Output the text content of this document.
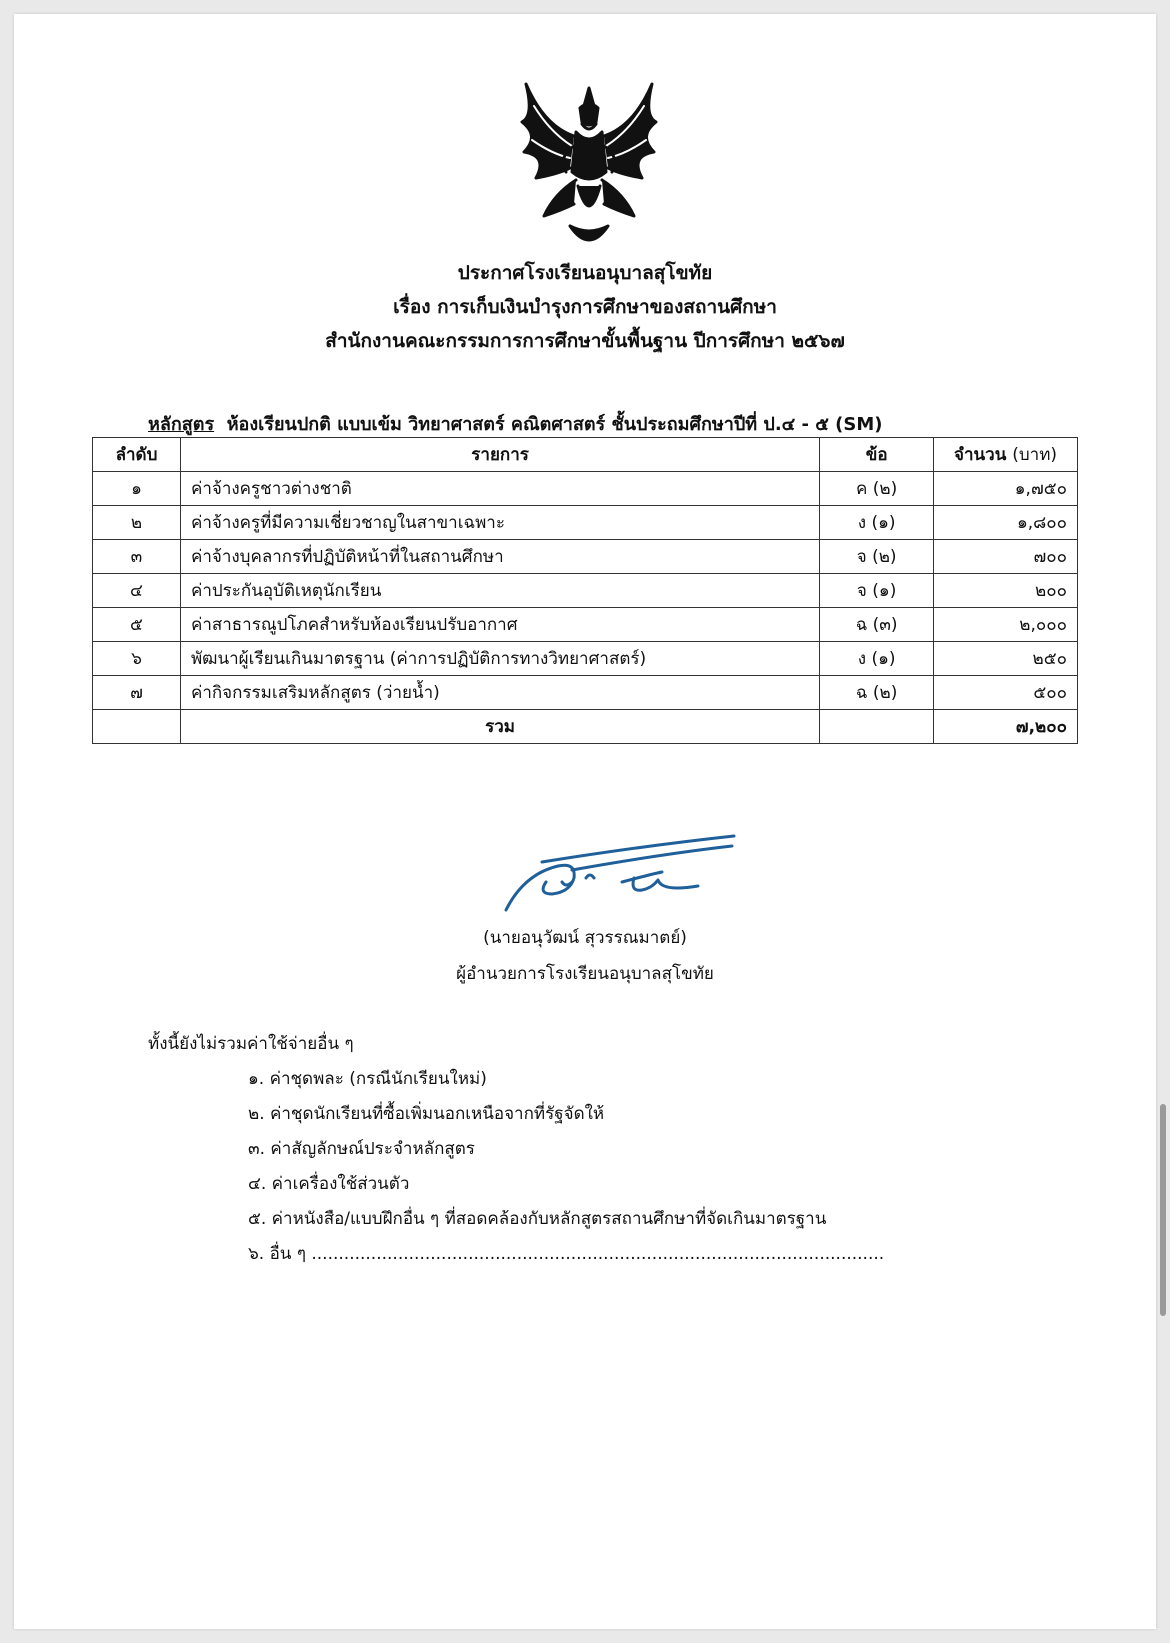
ประกาศโรงเรียนอนุบาลสุโขทัย
เรื่อง การเก็บเงินบำรุงการศึกษาของสถานศึกษา
สำนักงานคณะกรรมการการศึกษาขั้นพื้นฐาน ปีการศึกษา ๒๕๖๗
หลักสูตร ห้องเรียนปกติ แบบเข้ม วิทยาศาสตร์ คณิตศาสตร์ ชั้นประถมศึกษาปีที่ ป.๔ - ๕ (SM)
ลำดับ	รายการ	ข้อ	จำนวน (บาท)
๑	ค่าจ้างครูชาวต่างชาติ	ค (๒)	๑,๗๕๐
๒	ค่าจ้างครูที่มีความเชี่ยวชาญในสาขาเฉพาะ	ง (๑)	๑,๘๐๐
๓	ค่าจ้างบุคลากรที่ปฏิบัติหน้าที่ในสถานศึกษา	จ (๒)	๗๐๐
๔	ค่าประกันอุบัติเหตุนักเรียน	จ (๑)	๒๐๐
๕	ค่าสาธารณูปโภคสำหรับห้องเรียนปรับอากาศ	ฉ (๓)	๒,๐๐๐
๖	พัฒนาผู้เรียนเกินมาตรฐาน (ค่าการปฏิบัติการทางวิทยาศาสตร์)	ง (๑)	๒๕๐
๗	ค่ากิจกรรมเสริมหลักสูตร (ว่ายน้ำ)	ฉ (๒)	๕๐๐
	รวม		๗,๒๐๐
(นายอนุวัฒน์ สุวรรณมาตย์)
ผู้อำนวยการโรงเรียนอนุบาลสุโขทัย
ทั้งนี้ยังไม่รวมค่าใช้จ่ายอื่น ๆ
๑. ค่าชุดพละ (กรณีนักเรียนใหม่)
๒. ค่าชุดนักเรียนที่ซื้อเพิ่มนอกเหนือจากที่รัฐจัดให้
๓. ค่าสัญลักษณ์ประจำหลักสูตร
๔. ค่าเครื่องใช้ส่วนตัว
๕. ค่าหนังสือ/แบบฝึกอื่น ๆ ที่สอดคล้องกับหลักสูตรสถานศึกษาที่จัดเกินมาตรฐาน
๖. อื่น ๆ ..........................................................................................................
